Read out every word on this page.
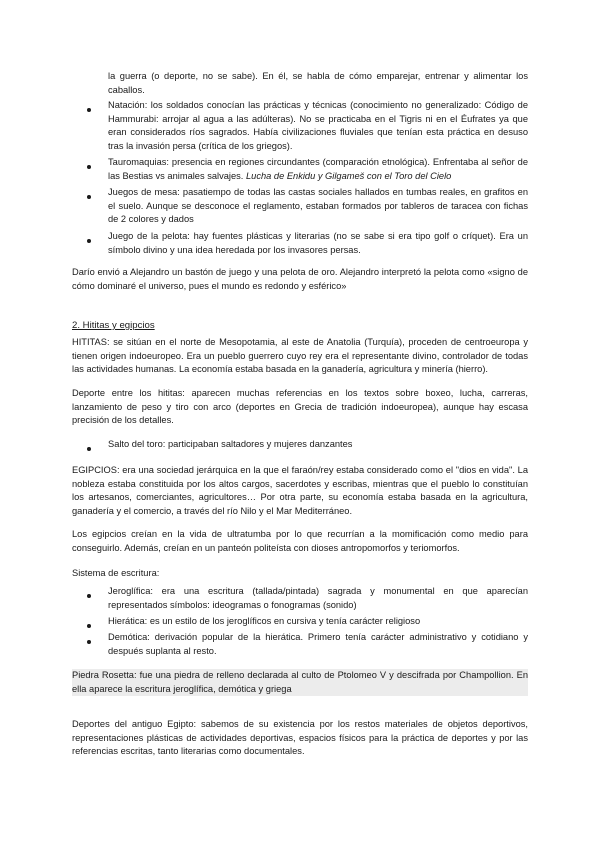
la guerra (o deporte, no se sabe). En él, se habla de cómo emparejar, entrenar y alimentar los caballos.

Natación: los soldados conocían las prácticas y técnicas (conocimiento no generalizado: Código de Hammurabi: arrojar al agua a las adúlteras). No se practicaba en el Tigris ni en el Éufrates ya que eran considerados ríos sagrados. Había civilizaciones fluviales que tenían esta práctica en desuso tras la invasión persa (crítica de los griegos).

Tauromaquias: presencia en regiones circundantes (comparación etnológica). Enfrentaba al señor de las Bestias vs animales salvajes. Lucha de Enkidu y Gilgameš con el Toro del Cielo

Juegos de mesa: pasatiempo de todas las castas sociales hallados en tumbas reales, en grafitos en el suelo. Aunque se desconoce el reglamento, estaban formados por tableros de taracea con fichas de 2 colores y dados

Juego de la pelota: hay fuentes plásticas y literarias (no se sabe si era tipo golf o críquet). Era un símbolo divino y una idea heredada por los invasores persas.

Darío envió a Alejandro un bastón de juego y una pelota de oro. Alejandro interpretó la pelota como «signo de cómo dominaré el universo, pues el mundo es redondo y esférico»

2. Hititas y egipcios

HITITAS: se sitúan en el norte de Mesopotamia, al este de Anatolia (Turquía), proceden de centroeuropa y tienen origen indoeuropeo. Era un pueblo guerrero cuyo rey era el representante divino, controlador de todas las actividades humanas. La economía estaba basada en la ganadería, agricultura y minería (hierro).

Deporte entre los hititas: aparecen muchas referencias en los textos sobre boxeo, lucha, carreras, lanzamiento de peso y tiro con arco (deportes en Grecia de tradición indoeuropea), aunque hay escasa precisión de los detalles.

Salto del toro: participaban saltadores y mujeres danzantes

EGIPCIOS: era una sociedad jerárquica en la que el faraón/rey estaba considerado como el "dios en vida". La nobleza estaba constituida por los altos cargos, sacerdotes y escribas, mientras que el pueblo lo constituían los artesanos, comerciantes, agricultores… Por otra parte, su economía estaba basada en la agricultura, ganadería y el comercio, a través del río Nilo y el Mar Mediterráneo.

Los egipcios creían en la vida de ultratumba por lo que recurrían a la momificación como medio para conseguirlo. Además, creían en un panteón politeísta con dioses antropomorfos y teriomorfos.

Sistema de escritura:

Jeroglífica: era una escritura (tallada/pintada) sagrada y monumental en que aparecían representados símbolos: ideogramas o fonogramas (sonido)

Hierática: es un estilo de los jeroglíficos en cursiva y tenía carácter religioso

Demótica: derivación popular de la hierática. Primero tenía carácter administrativo y cotidiano y después suplanta al resto.

Piedra Rosetta: fue una piedra de relleno declarada al culto de Ptolomeo V y descifrada por Champollion. En ella aparece la escritura jeroglífica, demótica y griega

Deportes del antiguo Egipto: sabemos de su existencia por los restos materiales de objetos deportivos, representaciones plásticas de actividades deportivas, espacios físicos para la práctica de deportes y por las referencias escritas, tanto literarias como documentales.
